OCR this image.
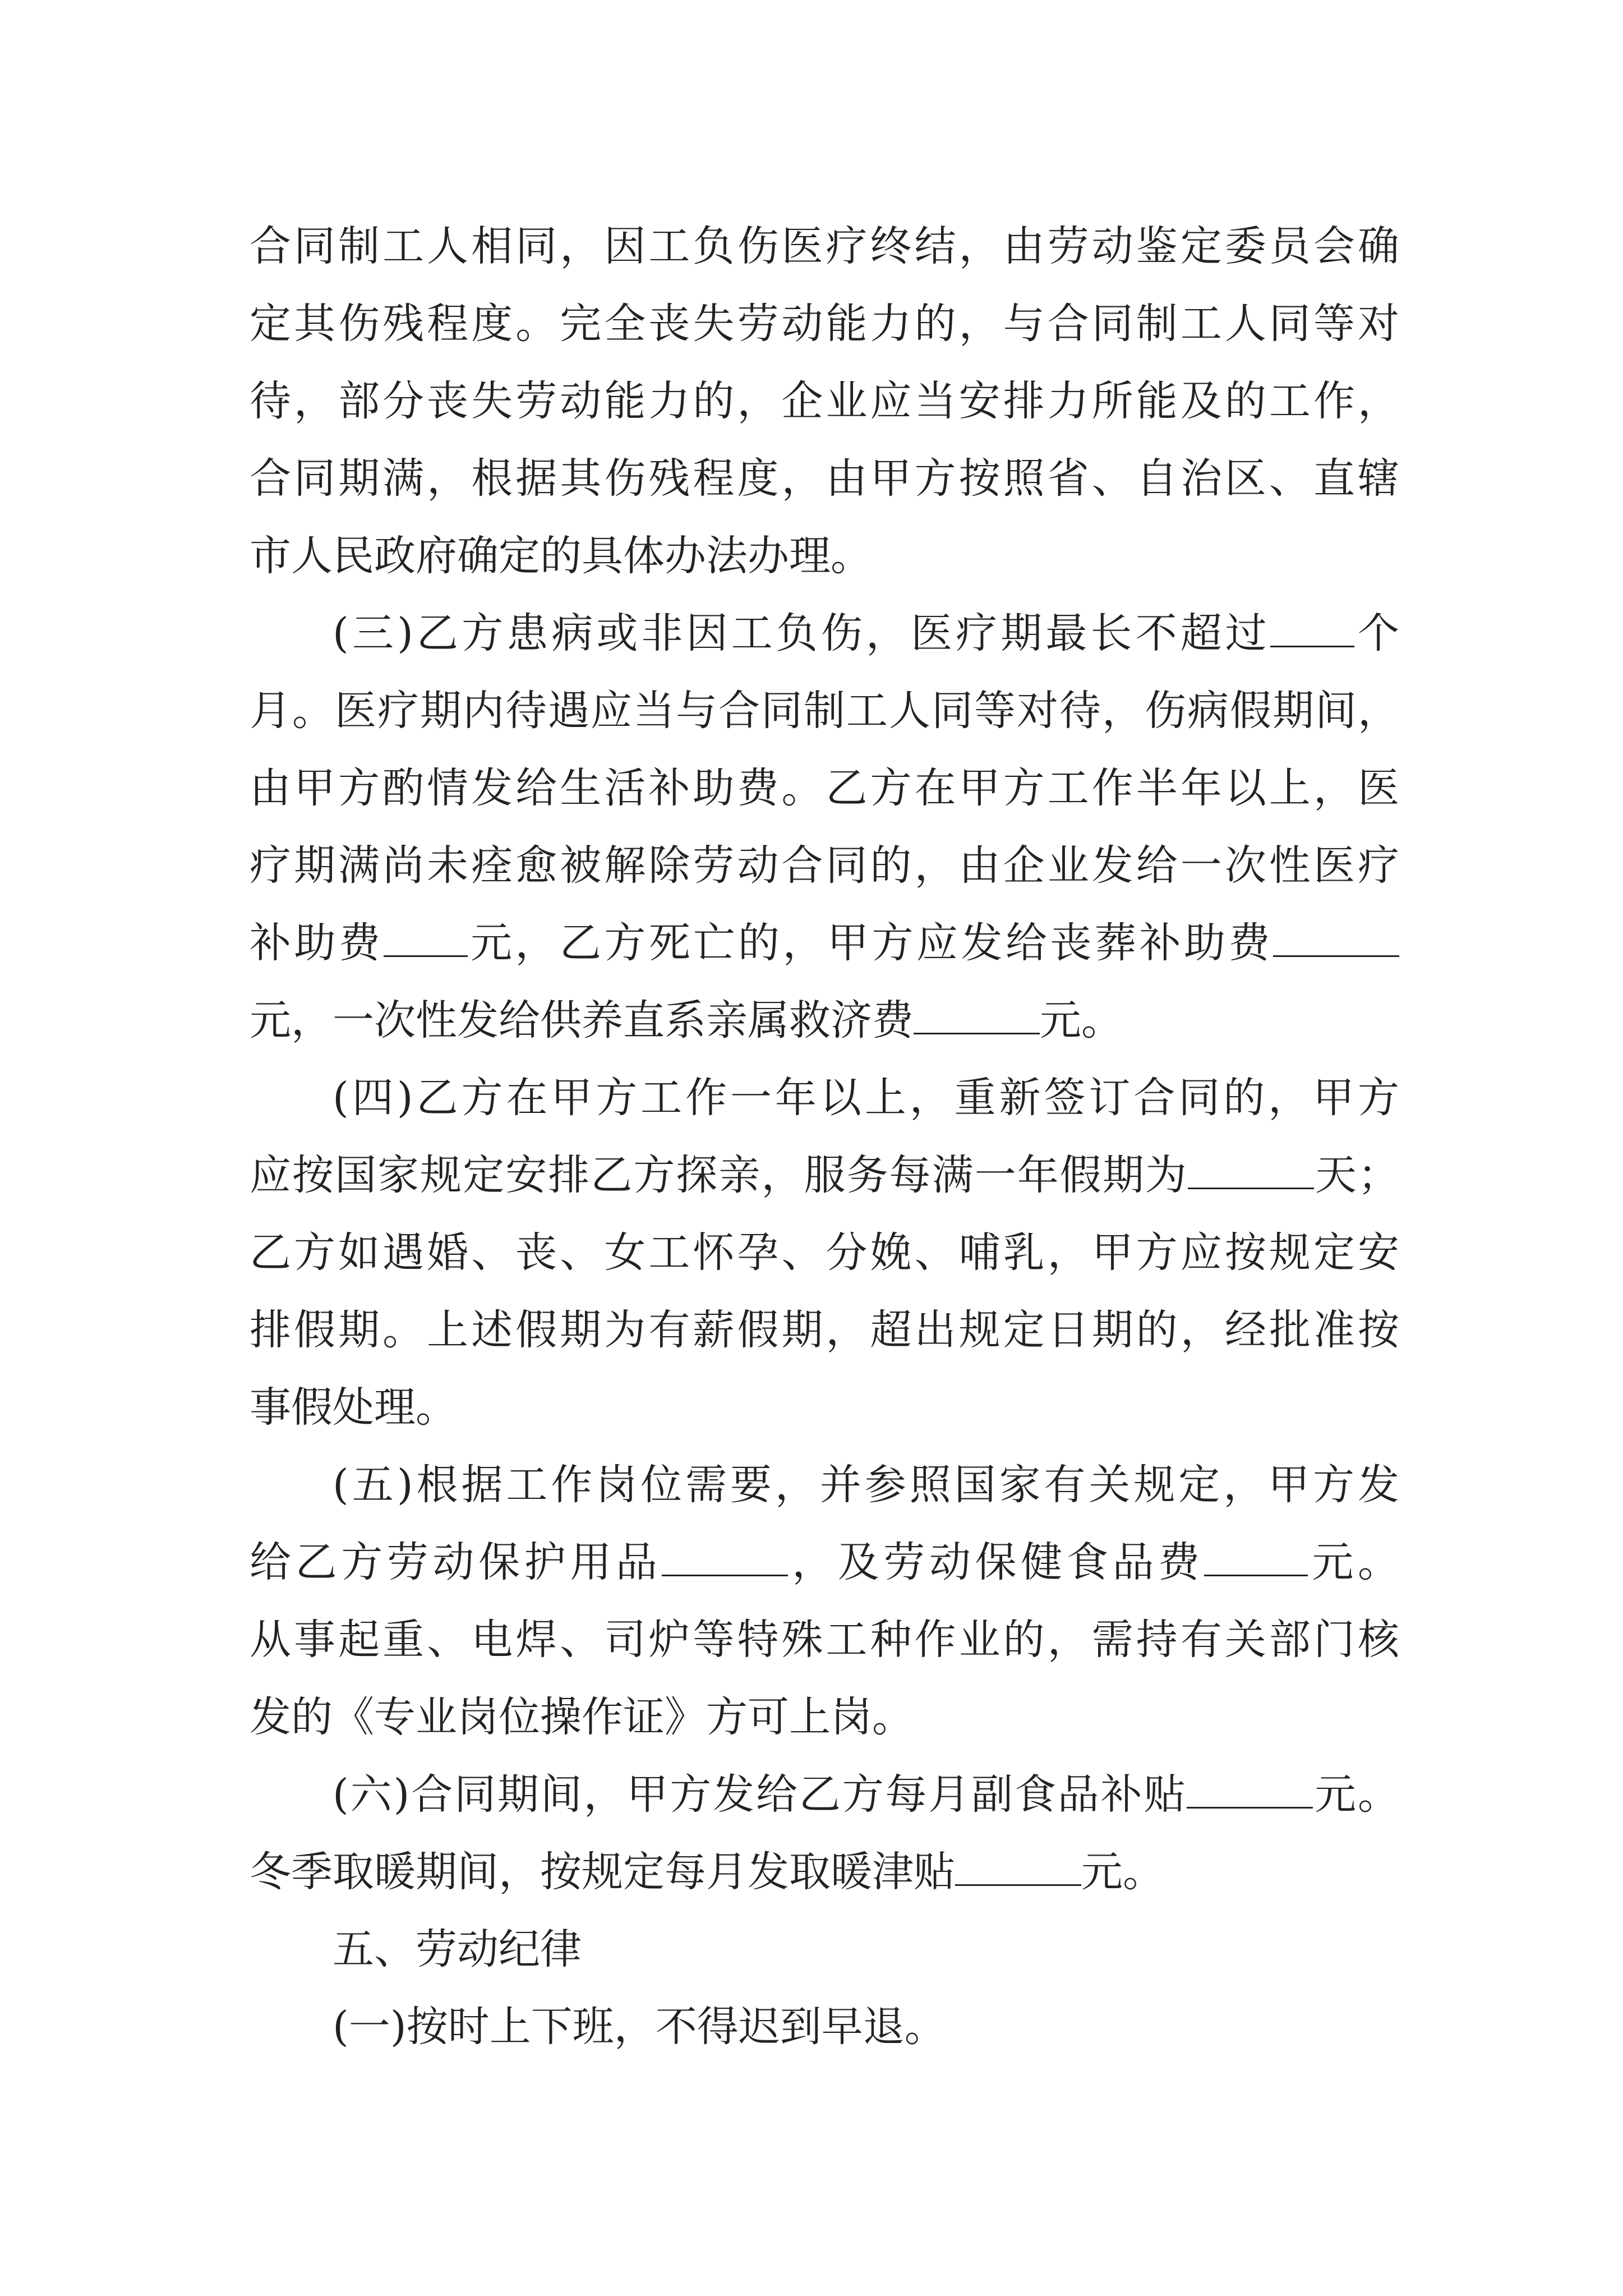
合同制工人相同，因工负伤医疗终结，由劳动鉴定委员会确
定其伤残程度。完全丧失劳动能力的，与合同制工人同等对
待，部分丧失劳动能力的，企业应当安排力所能及的工作，
合同期满，根据其伤残程度，由甲方按照省、自治区、直辖
市人民政府确定的具体办法办理。
(三)乙方患病或非因工负伤，医疗期最长不超过 个
月。医疗期内待遇应当与合同制工人同等对待，伤病假期间，
由甲方酌情发给生活补助费。乙方在甲方工作半年以上，医
疗期满尚未痊愈被解除劳动合同的，由企业发给一次性医疗
补助费 元，乙方死亡的，甲方应发给丧葬补助费
元，一次性发给供养直系亲属救济费	元。
(四)乙方在甲方工作一年以上，重新签订合同的，甲方
应按国家规定安排乙方探亲，服务每满一年假期为	天；
乙方如遇婚、丧、女工怀孕、分娩、哺乳，甲方应按规定安
排假期。上述假期为有薪假期，超出规定日期的，经批准按
事假处理。
(五)根据工作岗位需要，并参照国家有关规定，甲方发
给乙方劳动保护用品	，及劳动保健食品费	元。
从事起重、电焊、司炉等特殊工种作业的，需持有关部门核
发的《专业岗位操作证》方可上岗。
(六)合同期间，甲方发给乙方每月副食品补贴	元。
冬季取暖期间，按规定每月发取暖津贴	元。
五、劳动纪律
(一)按时上下班，不得迟到早退。
